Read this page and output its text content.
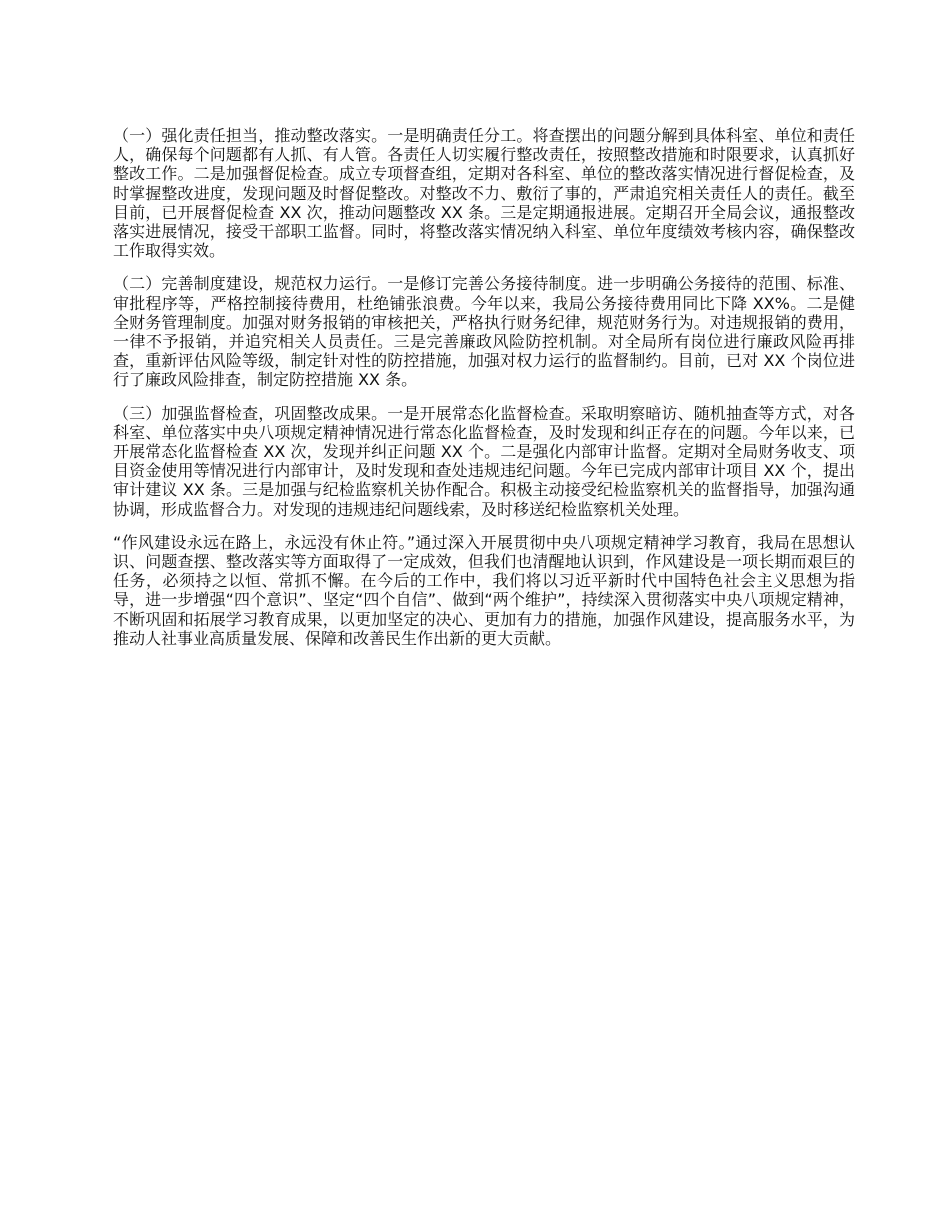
（一）强化责任担当，推动整改落实。一是明确责任分工。将查摆出的问题分解到具体科室、单位和责任人，确保每个问题都有人抓、有人管。各责任人切实履行整改责任，按照整改措施和时限要求，认真抓好整改工作。二是加强督促检查。成立专项督查组，定期对各科室、单位的整改落实情况进行督促检查，及时掌握整改进度，发现问题及时督促整改。对整改不力、敷衍了事的，严肃追究相关责任人的责任。截至目前，已开展督促检查 XX 次，推动问题整改 XX 条。三是定期通报进展。定期召开全局会议，通报整改落实进展情况，接受干部职工监督。同时，将整改落实情况纳入科室、单位年度绩效考核内容，确保整改工作取得实效。

（二）完善制度建设，规范权力运行。一是修订完善公务接待制度。进一步明确公务接待的范围、标准、审批程序等，严格控制接待费用，杜绝铺张浪费。今年以来，我局公务接待费用同比下降 XX%。二是健全财务管理制度。加强对财务报销的审核把关，严格执行财务纪律，规范财务行为。对违规报销的费用，一律不予报销，并追究相关人员责任。三是完善廉政风险防控机制。对全局所有岗位进行廉政风险再排查，重新评估风险等级，制定针对性的防控措施，加强对权力运行的监督制约。目前，已对 XX 个岗位进行了廉政风险排查，制定防控措施 XX 条。

（三）加强监督检查，巩固整改成果。一是开展常态化监督检查。采取明察暗访、随机抽查等方式，对各科室、单位落实中央八项规定精神情况进行常态化监督检查，及时发现和纠正存在的问题。今年以来，已开展常态化监督检查 XX 次，发现并纠正问题 XX 个。二是强化内部审计监督。定期对全局财务收支、项目资金使用等情况进行内部审计，及时发现和查处违规违纪问题。今年已完成内部审计项目 XX 个，提出审计建议 XX 条。三是加强与纪检监察机关协作配合。积极主动接受纪检监察机关的监督指导，加强沟通协调，形成监督合力。对发现的违规违纪问题线索，及时移送纪检监察机关处理。

“作风建设永远在路上，永远没有休止符。”通过深入开展贯彻中央八项规定精神学习教育，我局在思想认识、问题查摆、整改落实等方面取得了一定成效，但我们也清醒地认识到，作风建设是一项长期而艰巨的任务，必须持之以恒、常抓不懈。在今后的工作中，我们将以习近平新时代中国特色社会主义思想为指导，进一步增强“四个意识”、坚定“四个自信”、做到“两个维护”，持续深入贯彻落实中央八项规定精神，不断巩固和拓展学习教育成果，以更加坚定的决心、更加有力的措施，加强作风建设，提高服务水平，为推动人社事业高质量发展、保障和改善民生作出新的更大贡献。
